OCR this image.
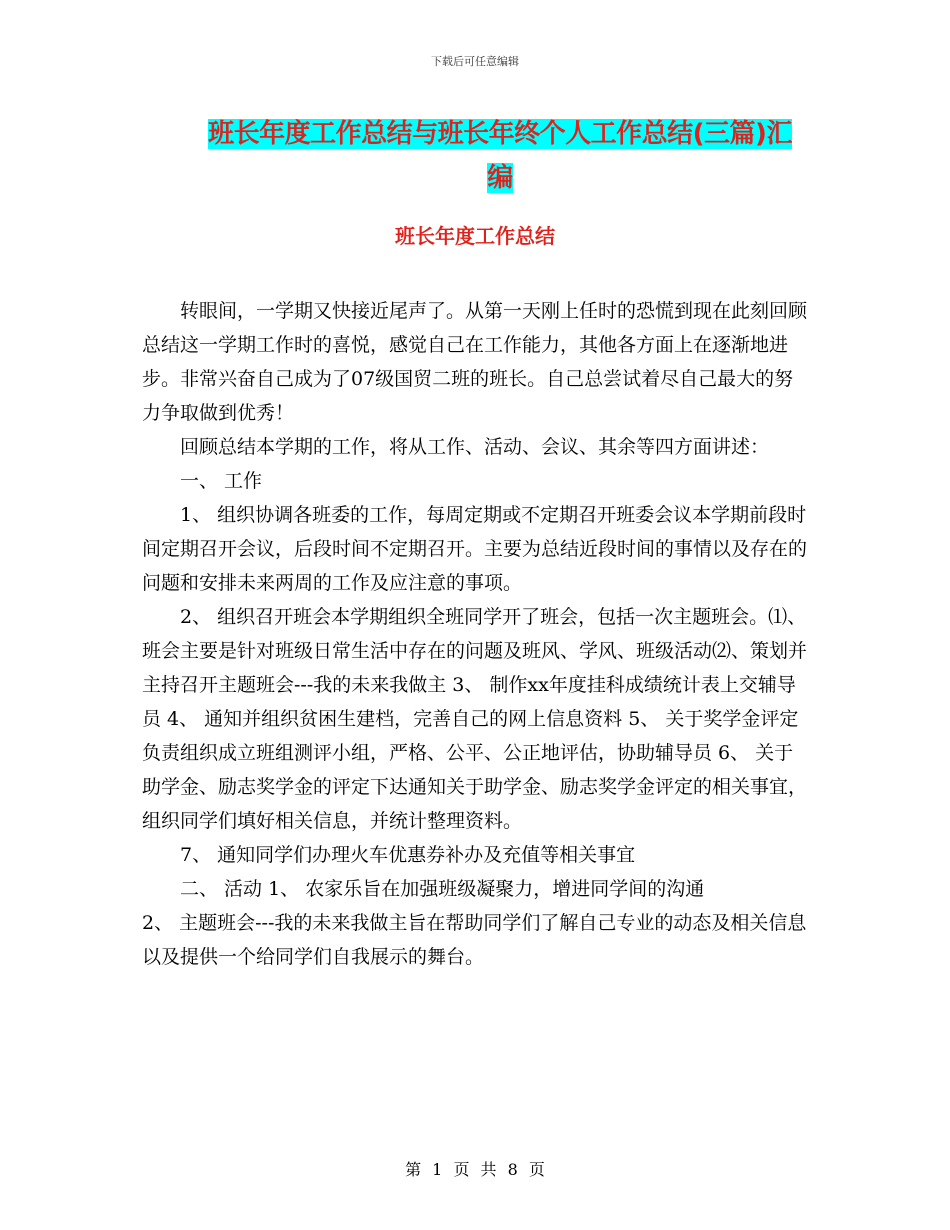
下载后可任意编辑
班长年度工作总结与班长年终个人工作总结(三篇)汇
编
班长年度工作总结

转眼间，一学期又快接近尾声了。从第一天刚上任时的恐慌到现在此刻回顾总结这一学期工作时的喜悦，感觉自己在工作能力，其他各方面上在逐渐地进步。非常兴奋自己成为了07级国贸二班的班长。自己总尝试着尽自己最大的努力争取做到优秀！

回顾总结本学期的工作，将从工作、活动、会议、其余等四方面讲述：

一、 工作

1、 组织协调各班委的工作，每周定期或不定期召开班委会议本学期前段时间定期召开会议，后段时间不定期召开。主要为总结近段时间的事情以及存在的问题和安排未来两周的工作及应注意的事项。

2、 组织召开班会本学期组织全班同学开了班会，包括一次主题班会。⑴、班会主要是针对班级日常生活中存在的问题及班风、学风、班级活动⑵、策划并主持召开主题班会---我的未来我做主 3、 制作xx年度挂科成绩统计表上交辅导员 4、 通知并组织贫困生建档，完善自己的网上信息资料 5、 关于奖学金评定负责组织成立班组测评小组，严格、公平、公正地评估，协助辅导员 6、 关于助学金、励志奖学金的评定下达通知关于助学金、励志奖学金评定的相关事宜，组织同学们填好相关信息，并统计整理资料。

7、 通知同学们办理火车优惠券补办及充值等相关事宜

二、 活动 1、 农家乐旨在加强班级凝聚力，增进同学间的沟通

2、 主题班会---我的未来我做主旨在帮助同学们了解自己专业的动态及相关信息以及提供一个给同学们自我展示的舞台。

第 1 页 共 8 页
